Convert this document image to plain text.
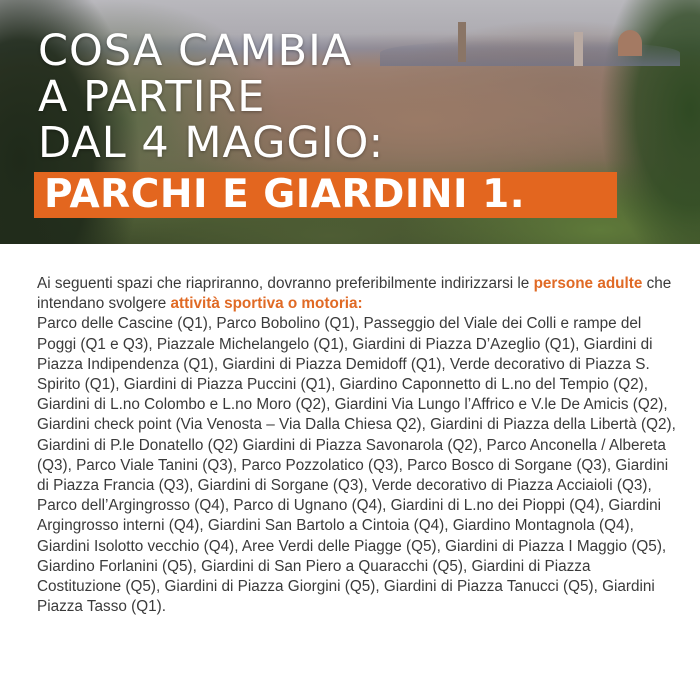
COSA CAMBIA
A PARTIRE
DAL 4 MAGGIO:
PARCHI E GIARDINI 1.

Ai seguenti spazi che riapriranno, dovranno preferibilmente indirizzarsi le persone adulte che intendano svolgere attività sportiva o motoria:
Parco delle Cascine (Q1), Parco Bobolino (Q1), Passeggio del Viale dei Colli e rampe del Poggi (Q1 e Q3), Piazzale Michelangelo (Q1), Giardini di Piazza D’Azeglio (Q1), Giardini di Piazza Indipendenza (Q1), Giardini di Piazza Demidoff (Q1), Verde decorativo di Piazza S. Spirito (Q1), Giardini di Piazza Puccini (Q1), Giardino Caponnetto di L.no del Tempio (Q2), Giardini di L.no Colombo e L.no Moro (Q2), Giardini Via Lungo l’Affrico e V.le De Amicis (Q2), Giardini check point (Via Venosta – Via Dalla Chiesa Q2), Giardini di Piazza della Libertà (Q2), Giardini di P.le Donatello (Q2) Giardini di Piazza Savonarola (Q2), Parco Anconella / Albereta (Q3), Parco Viale Tanini (Q3), Parco Pozzolatico (Q3), Parco Bosco di Sorgane (Q3), Giardini di Piazza Francia (Q3), Giardini di Sorgane (Q3), Verde decorativo di Piazza Acciaioli (Q3), Parco dell’Argingrosso (Q4), Parco di Ugnano (Q4), Giardini di L.no dei Pioppi (Q4), Giardini Argingrosso interni (Q4), Giardini San Bartolo a Cintoia (Q4), Giardino Montagnola (Q4), Giardini Isolotto vecchio (Q4), Aree Verdi delle Piagge (Q5), Giardini di Piazza I Maggio (Q5), Giardino Forlanini (Q5), Giardini di San Piero a Quaracchi (Q5), Giardini di Piazza Costituzione (Q5), Giardini di Piazza Giorgini (Q5), Giardini di Piazza Tanucci (Q5), Giardini Piazza Tasso (Q1).
